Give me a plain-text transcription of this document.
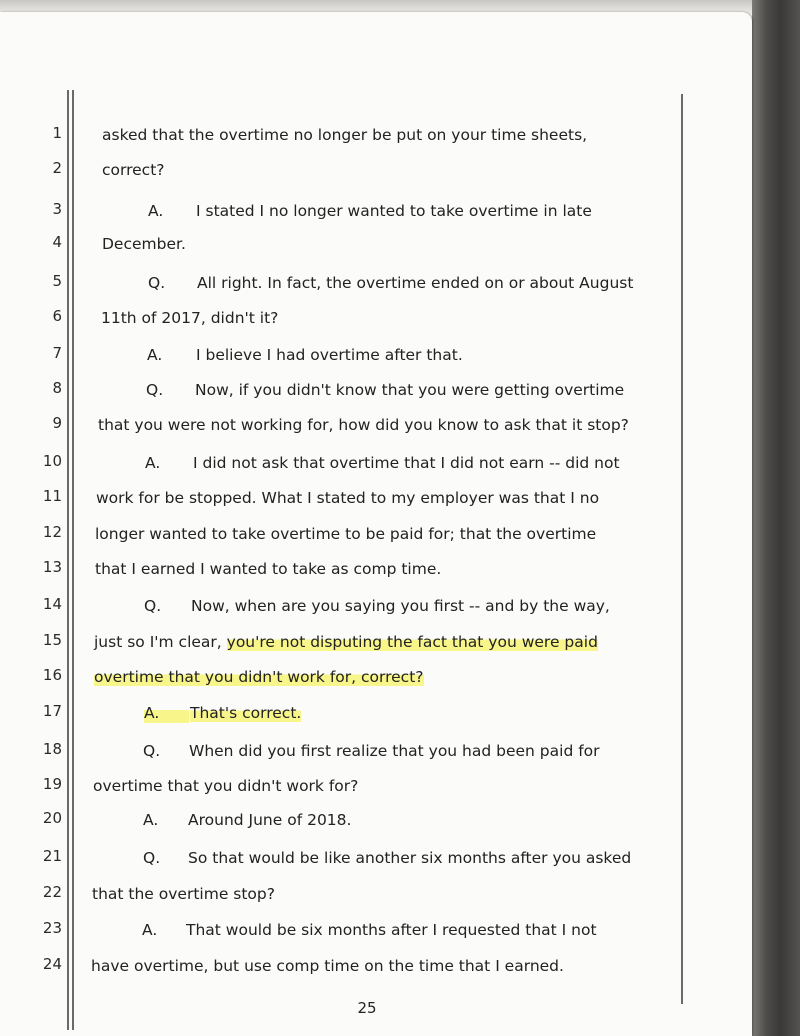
1	asked that the overtime no longer be put on your time sheets,
2	correct?
3	A. I stated I no longer wanted to take overtime in late
4	December.
5	Q. All right. In fact, the overtime ended on or about August
6	11th of 2017, didn't it?
7	A. I believe I had overtime after that.
8	Q. Now, if you didn't know that you were getting overtime
9 that you were not working for, how did you know to ask that it stop?
10	A. I did not ask that overtime that I did not earn -- did not
11 work for be stopped. What I stated to my employer was that I no
12 longer wanted to take overtime to be paid for; that the overtime
13 that I earned I wanted to take as comp time.
14	Q. Now, when are you saying you first -- and by the way,
15 just so I'm clear, you're not disputing the fact that you were paid
16 overtime that you didn't work for, correct?
17	A.	That's correct.
18	Q. When did you first realize that you had been paid for
19 overtime that you didn't work for?
20	A. Around June of 2018.
21	Q. So that would be like another six months after you asked
22 that the overtime stop?
23	A. That would be six months after I requested that I not
24 have overtime, but use comp time on the time that I earned.
25
